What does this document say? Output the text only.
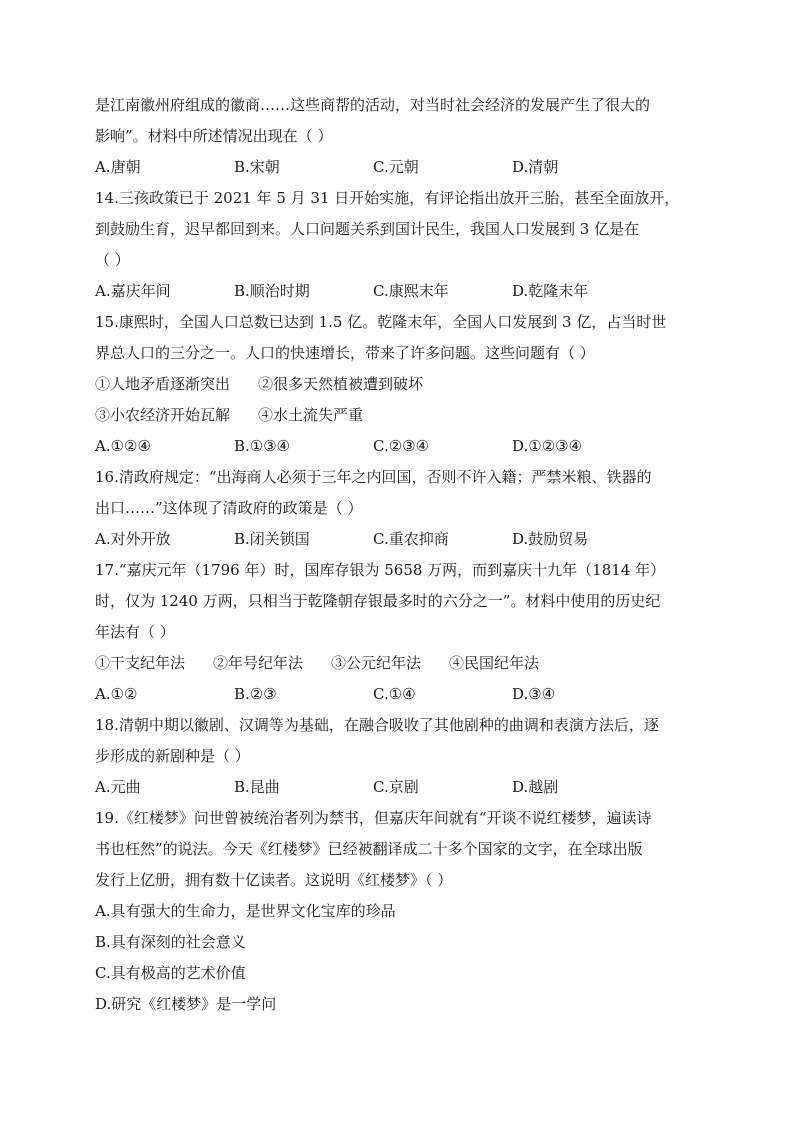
是江南徽州府组成的徽商……这些商帮的活动，对当时社会经济的发展产生了很大的
影响”。材料中所述情况出现在（ ）
A.唐朝	B.宋朝	C.元朝	D.清朝
14.三孩政策已于 2021 年 5 月 31 日开始实施，有评论指出放开三胎，甚至全面放开，
到鼓励生育，迟早都回到来。人口问题关系到国计民生，我国人口发展到 3 亿是在
（ ）
A.嘉庆年间	B.顺治时期	C.康熙末年	D.乾隆末年
15.康熙时，全国人口总数已达到 1.5 亿。乾隆末年，全国人口发展到 3 亿，占当时世
界总人口的三分之一。人口的快速增长，带来了许多问题。这些问题有（ ）
①人地矛盾逐渐突出 ②很多天然植被遭到破坏
③小农经济开始瓦解 ④水土流失严重
A.①②④	B.①③④	C.②③④	D.①②③④
16.清政府规定：“出海商人必须于三年之内回国，否则不许入籍；严禁米粮、铁器的
出口……”这体现了清政府的政策是（ ）
A.对外开放	B.闭关锁国	C.重农抑商	D.鼓励贸易
17.“嘉庆元年（1796 年）时，国库存银为 5658 万两，而到嘉庆十九年（1814 年）
时，仅为 1240 万两，只相当于乾隆朝存银最多时的六分之一”。材料中使用的历史纪
年法有（ ）
①干支纪年法 ②年号纪年法 ③公元纪年法 ④民国纪年法
A.①②	B.②③	C.①④	D.③④
18.清朝中期以徽剧、汉调等为基础，在融合吸收了其他剧种的曲调和表演方法后，逐
步形成的新剧种是（ ）
A.元曲	B.昆曲	C.京剧	D.越剧
19.《红楼梦》问世曾被统治者列为禁书，但嘉庆年间就有“开谈不说红楼梦，遍读诗
书也枉然”的说法。今天《红楼梦》已经被翻译成二十多个国家的文字，在全球出版
发行上亿册，拥有数十亿读者。这说明《红楼梦》（ ）
A.具有强大的生命力，是世界文化宝库的珍品
B.具有深刻的社会意义
C.具有极高的艺术价值
D.研究《红楼梦》是一学问
